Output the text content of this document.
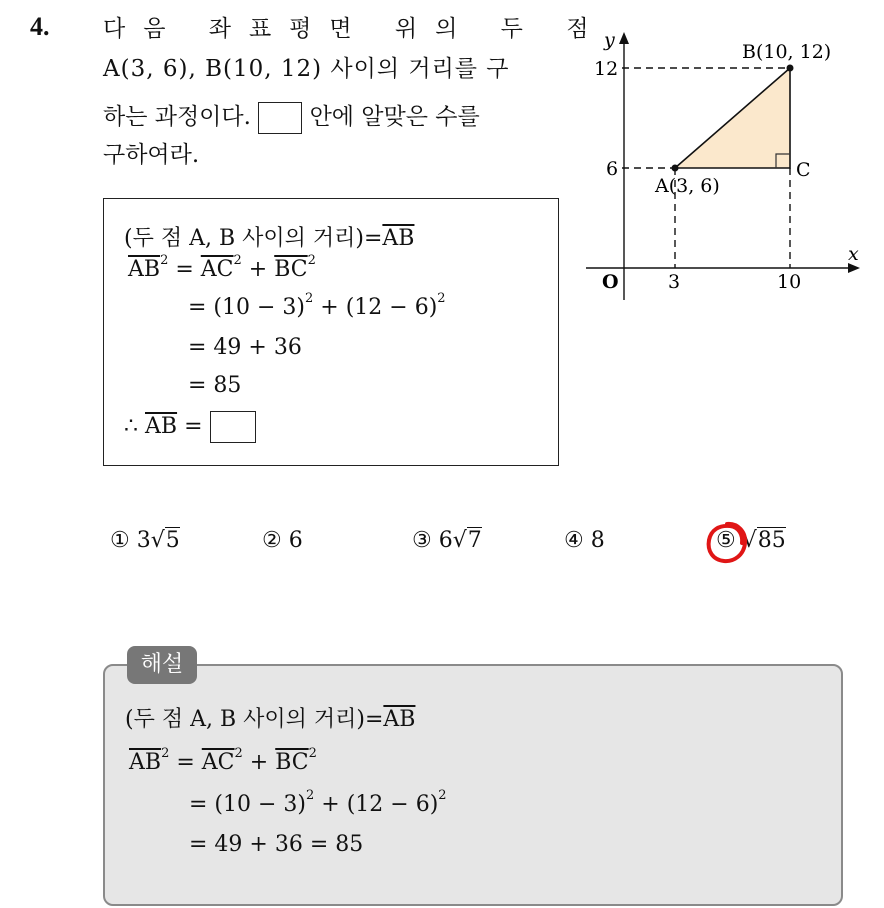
4. 다음 좌표평면 위의 두 점
A(3, 6), B(10, 12) 사이의 거리를 구
하는 과정이다.	안에 알맞은 수를
구하여라.
x
y
O	3	10
6
12
A(3, 6)
B(10, 12)
C
(두 점 A, B 사이의 거리)$=\overline{AB}$
$\overline{AB}^2 = \overline{AC}^2 + \overline{BC}^2$
= $(10 - 3)^2 + (12 - 6)^2$
= 49 + 36
= 85
∴ $\overline{AB}$ =
① 3√5	② 6	③ 6√7	④ 8	⑤ √85
(두 점 A, B 사이의 거리)$=\overline{AB}$
$\overline{AB}^2 = \overline{AC}^2 + \overline{BC}^2$
= $(10 - 3)^2 + (12 - 6)^2$
= 49 + 36 = 85
해설
